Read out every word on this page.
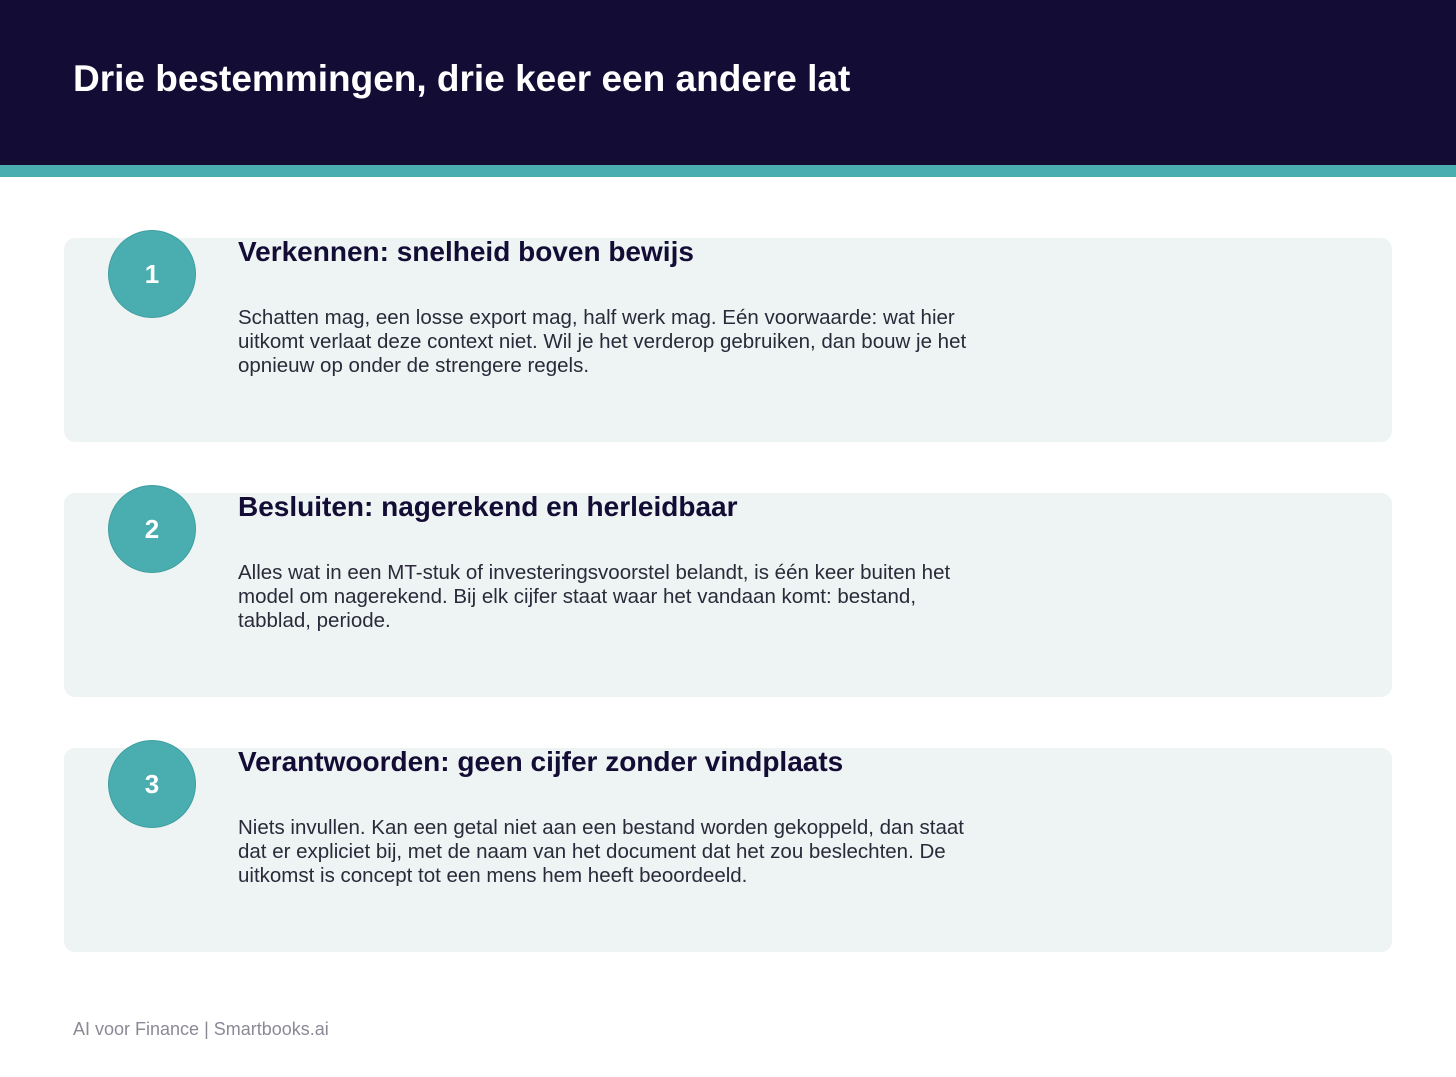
Drie bestemmingen, drie keer een andere lat
1
Verkennen: snelheid boven bewijs

Schatten mag, een losse export mag, half werk mag. Eén voorwaarde: wat hier uitkomt verlaat deze context niet. Wil je het verderop gebruiken, dan bouw je het opnieuw op onder de strengere regels.

2
Besluiten: nagerekend en herleidbaar

Alles wat in een MT-stuk of investeringsvoorstel belandt, is één keer buiten het model om nagerekend. Bij elk cijfer staat waar het vandaan komt: bestand, tabblad, periode.

3
Verantwoorden: geen cijfer zonder vindplaats

Niets invullen. Kan een getal niet aan een bestand worden gekoppeld, dan staat dat er expliciet bij, met de naam van het document dat het zou beslechten. De uitkomst is concept tot een mens hem heeft beoordeeld.

AI voor Finance | Smartbooks.ai
